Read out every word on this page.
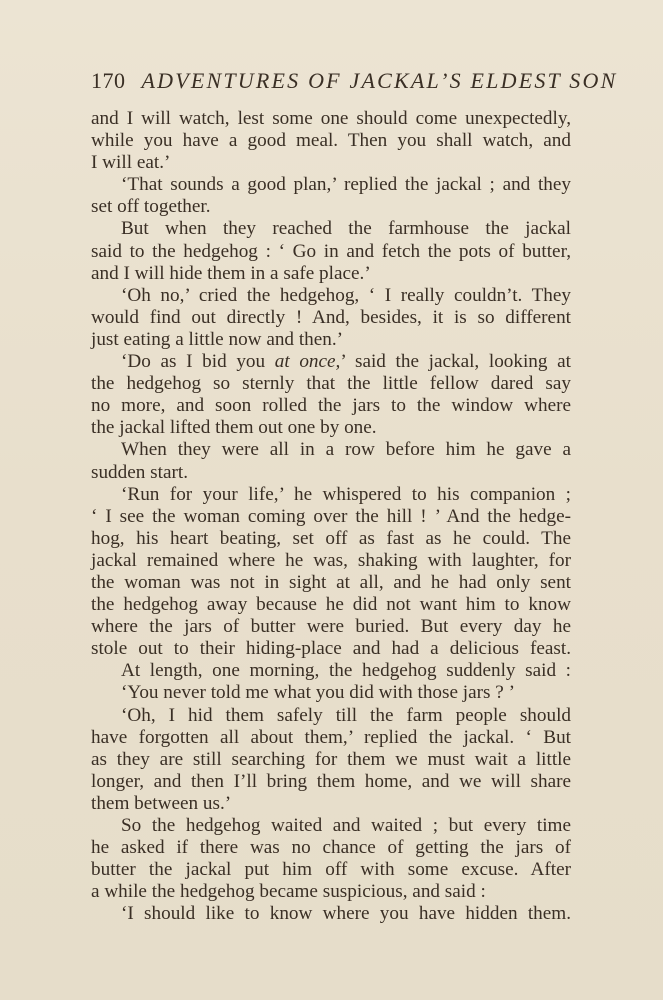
170 ADVENTURES OF JACKAL’S ELDEST SON
and I will watch, lest some one should come unexpectedly,
while you have a good meal. Then you shall watch, and
I will eat.’
‘That sounds a good plan,’ replied the jackal ; and they
set off together.
But when they reached the farmhouse the jackal
said to the hedgehog : ‘ Go in and fetch the pots of butter,
and I will hide them in a safe place.’
‘Oh no,’ cried the hedgehog, ‘ I really couldn’t. They
would find out directly ! And, besides, it is so different
just eating a little now and then.’
‘Do as I bid you at once,’ said the jackal, looking at
the hedgehog so sternly that the little fellow dared say
no more, and soon rolled the jars to the window where
the jackal lifted them out one by one.
When they were all in a row before him he gave a
sudden start.
‘Run for your life,’ he whispered to his companion ;
‘ I see the woman coming over the hill ! ’ And the hedge-
hog, his heart beating, set off as fast as he could. The
jackal remained where he was, shaking with laughter, for
the woman was not in sight at all, and he had only sent
the hedgehog away because he did not want him to know
where the jars of butter were buried. But every day he
stole out to their hiding-place and had a delicious feast.
At length, one morning, the hedgehog suddenly said :
‘You never told me what you did with those jars ? ’
‘Oh, I hid them safely till the farm people should
have forgotten all about them,’ replied the jackal. ‘ But
as they are still searching for them we must wait a little
longer, and then I’ll bring them home, and we will share
them between us.’
So the hedgehog waited and waited ; but every time
he asked if there was no chance of getting the jars of
butter the jackal put him off with some excuse. After
a while the hedgehog became suspicious, and said :
‘I should like to know where you have hidden them.
